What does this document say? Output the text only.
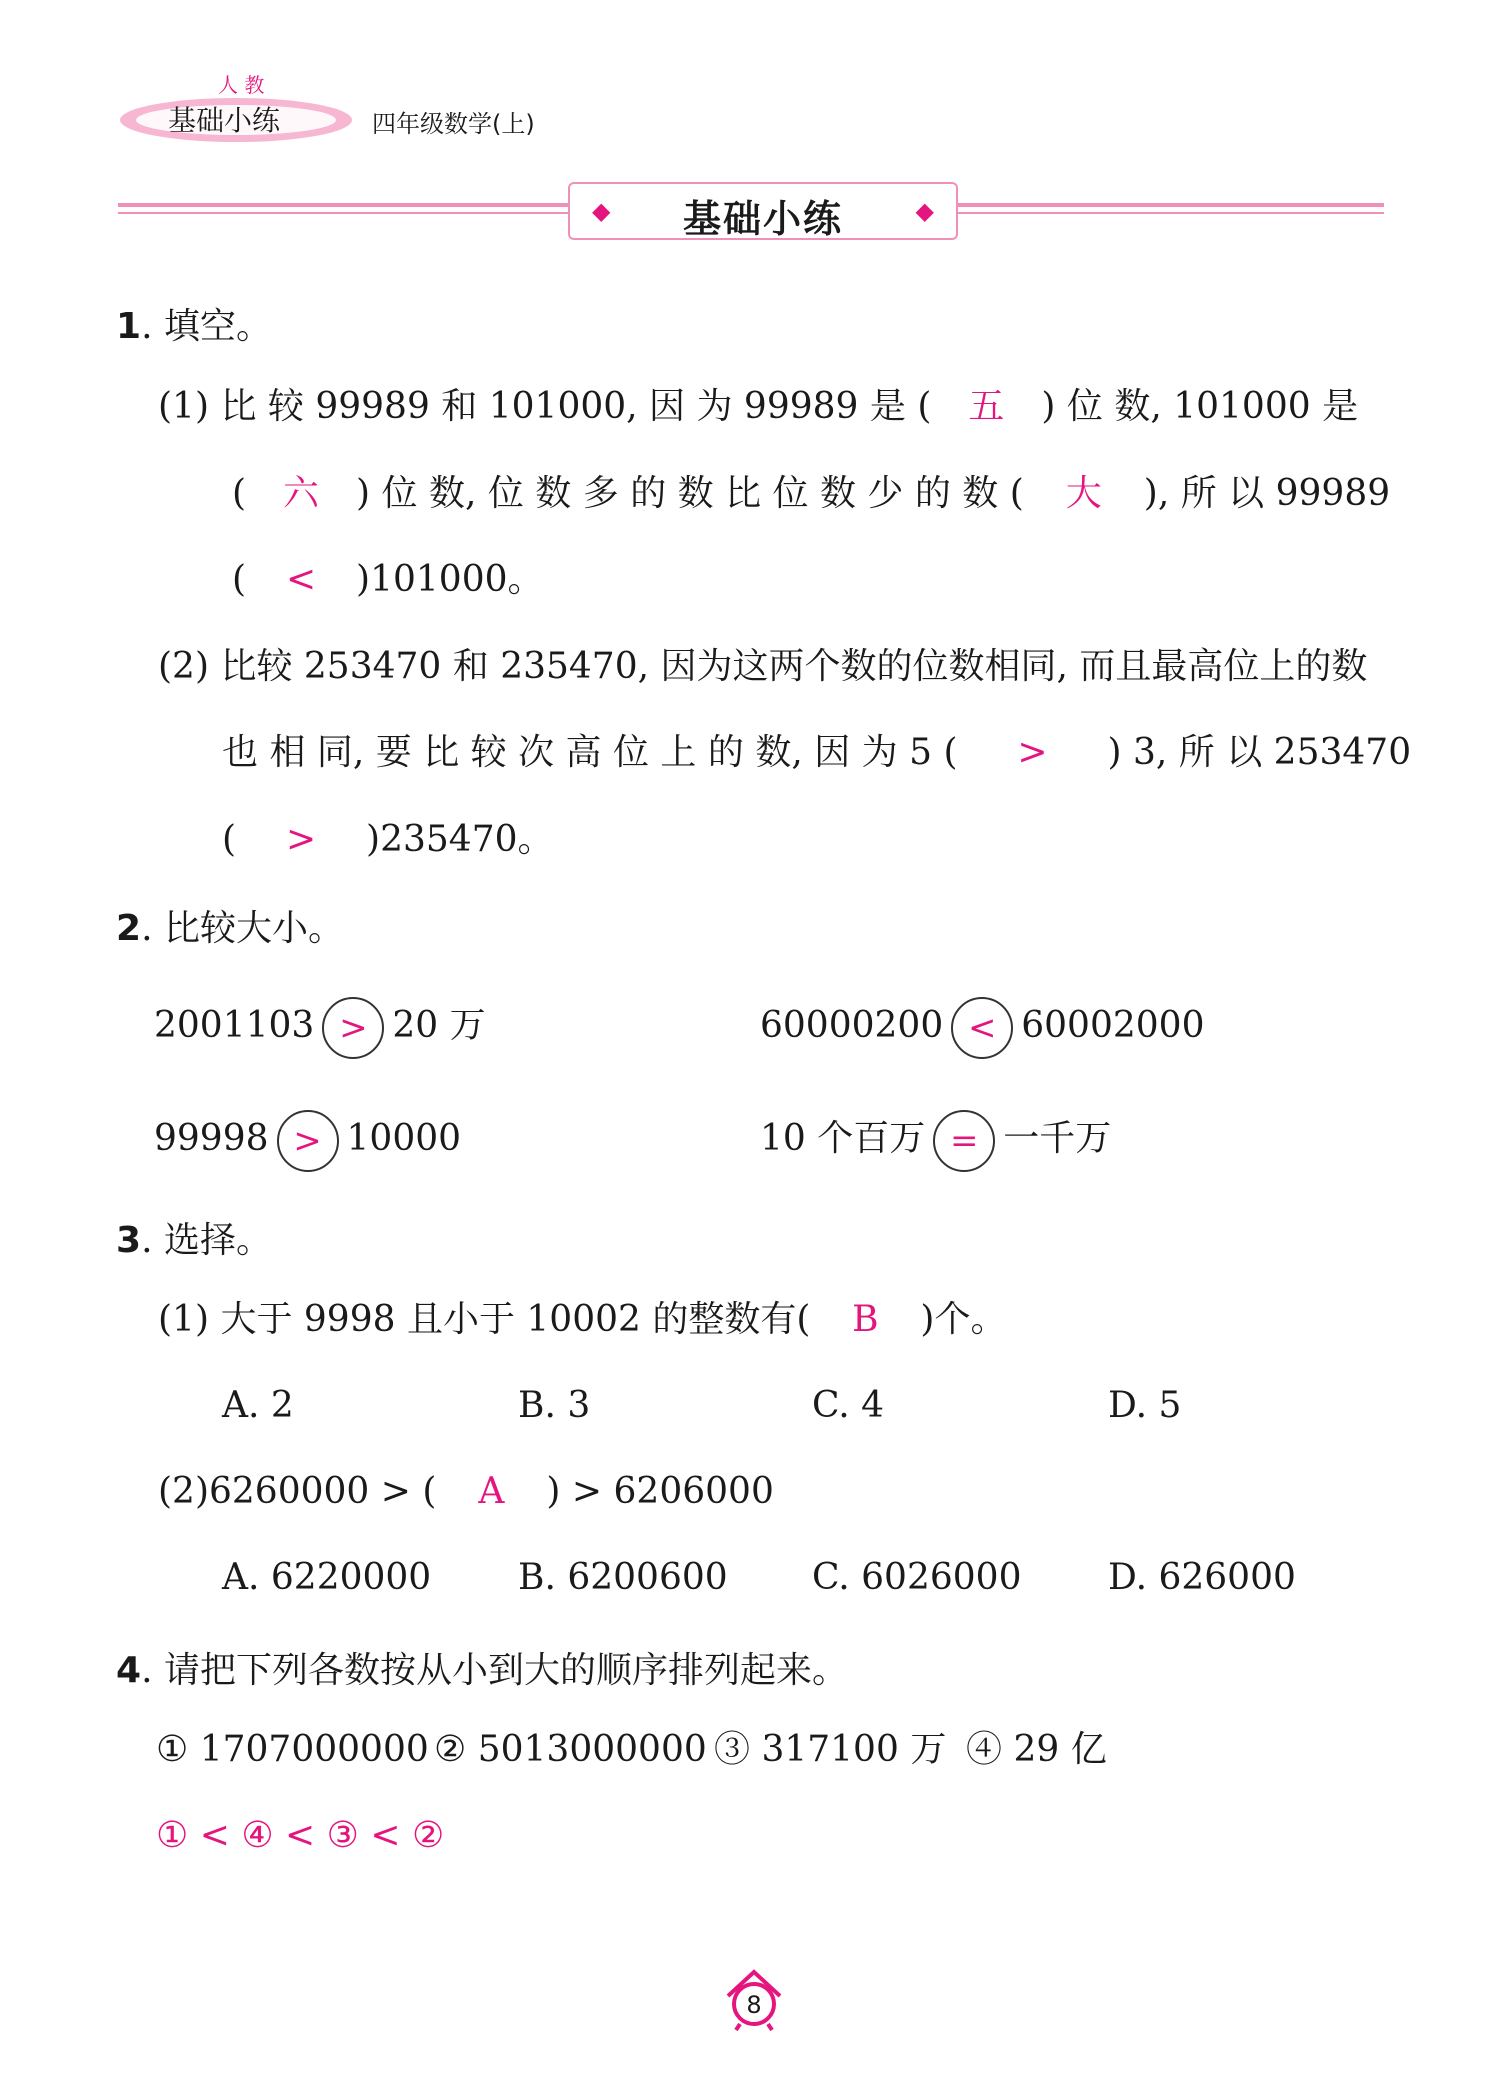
人 教
基础小练	四年级数学(上)
◆	基础小练	◆
1. 填空。
(1) 比 较 99989 和 101000, 因 为 99989 是 ( 五 ) 位 数, 101000 是
( 六 ) 位 数, 位 数 多 的 数 比 位 数 少 的 数 ( 大 ), 所 以 99989
( < )101000。
(2) 比较 253470 和 235470, 因为这两个数的位数相同, 而且最高位上的数
也 相 同, 要 比 较 次 高 位 上 的 数, 因 为 5 ( > ) 3, 所 以 253470
( > )235470。
2. 比较大小。
2001103 > 20 万	60000200 < 60002000
99998 > 10000	10 个百万 = 一千万
3. 选择。
(1) 大于 9998 且小于 10002 的整数有( B )个。
A. 2	B. 3	C. 4	D. 5
(2)6260000 > ( A ) > 6206000
A. 6220000 B. 6200600 C. 6026000 D. 626000
4. 请把下列各数按从小到大的顺序排列起来。
① 1707000000 ② 5013000000 ③ 317100 万 ④ 29 亿
① < ④ < ③ < ②
8
